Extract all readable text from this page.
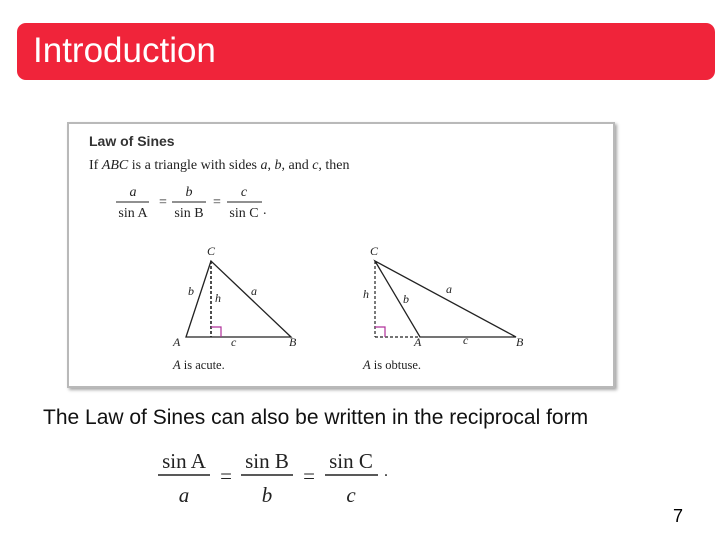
Introduction
Law of Sines
If ABC is a triangle with sides a, b, and c, then
a
sin A
=
b
sin B
=
c
sin C .
C
A	B
a
b
c
h
A is acute.
C
A	B
a
b
c
h
A is obtuse.
The Law of Sines can also be written in the reciprocal form
sin A
a
=
sin B
b
=
sin C
c
.
7
